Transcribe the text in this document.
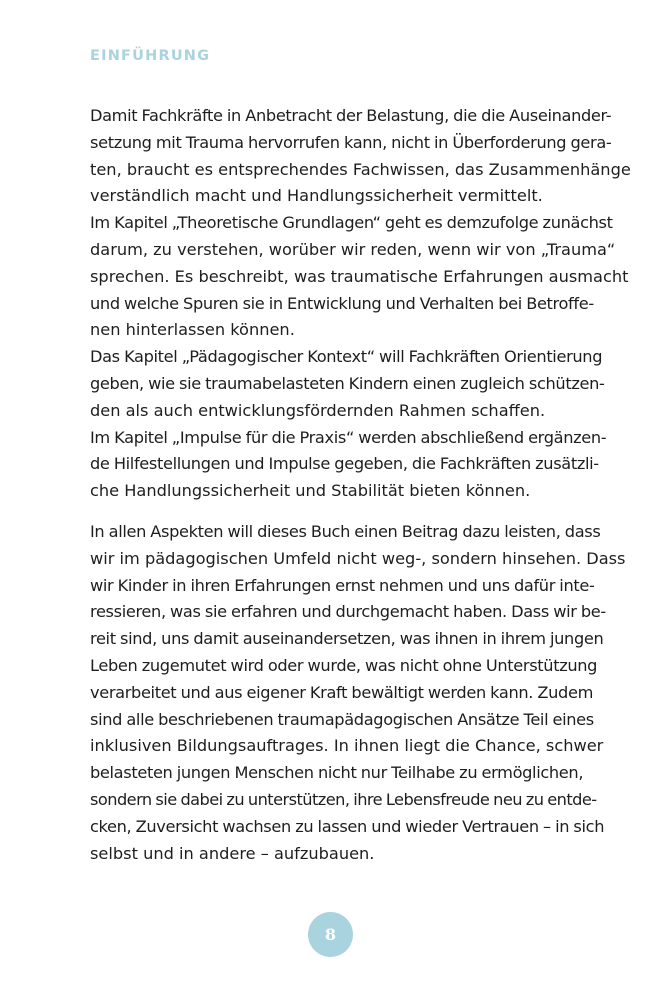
EINFÜHRUNG
Damit Fachkräfte in Anbetracht der Belastung, die die Auseinander-
setzung mit Trauma hervorrufen kann, nicht in Überforderung gera-
ten, braucht es entsprechendes Fachwissen, das Zusammenhänge
verständlich macht und Handlungssicherheit vermittelt.
Im Kapitel „Theoretische Grundlagen“ geht es demzufolge zunächst
darum, zu verstehen, worüber wir reden, wenn wir von „Trauma“
sprechen. Es beschreibt, was traumatische Erfahrungen ausmacht
und welche Spuren sie in Entwicklung und Verhalten bei Betroffe-
nen hinterlassen können.
Das Kapitel „Pädagogischer Kontext“ will Fachkräften Orientierung
geben, wie sie traumabelasteten Kindern einen zugleich schützen-
den als auch entwicklungsfördernden Rahmen schaffen.
Im Kapitel „Impulse für die Praxis“ werden abschließend ergänzen-
de Hilfestellungen und Impulse gegeben, die Fachkräften zusätzli-
che Handlungssicherheit und Stabilität bieten können.
In allen Aspekten will dieses Buch einen Beitrag dazu leisten, dass
wir im pädagogischen Umfeld nicht weg-, sondern hinsehen. Dass
wir Kinder in ihren Erfahrungen ernst nehmen und uns dafür inte-
ressieren, was sie erfahren und durchgemacht haben. Dass wir be-
reit sind, uns damit auseinandersetzen, was ihnen in ihrem jungen
Leben zugemutet wird oder wurde, was nicht ohne Unterstützung
verarbeitet und aus eigener Kraft bewältigt werden kann. Zudem
sind alle beschriebenen traumapädagogischen Ansätze Teil eines
inklusiven Bildungsauftrages. In ihnen liegt die Chance, schwer
belasteten jungen Menschen nicht nur Teilhabe zu ermöglichen,
sondern sie dabei zu unterstützen, ihre Lebensfreude neu zu entde-
cken, Zuversicht wachsen zu lassen und wieder Vertrauen – in sich
selbst und in andere – aufzubauen.
8
